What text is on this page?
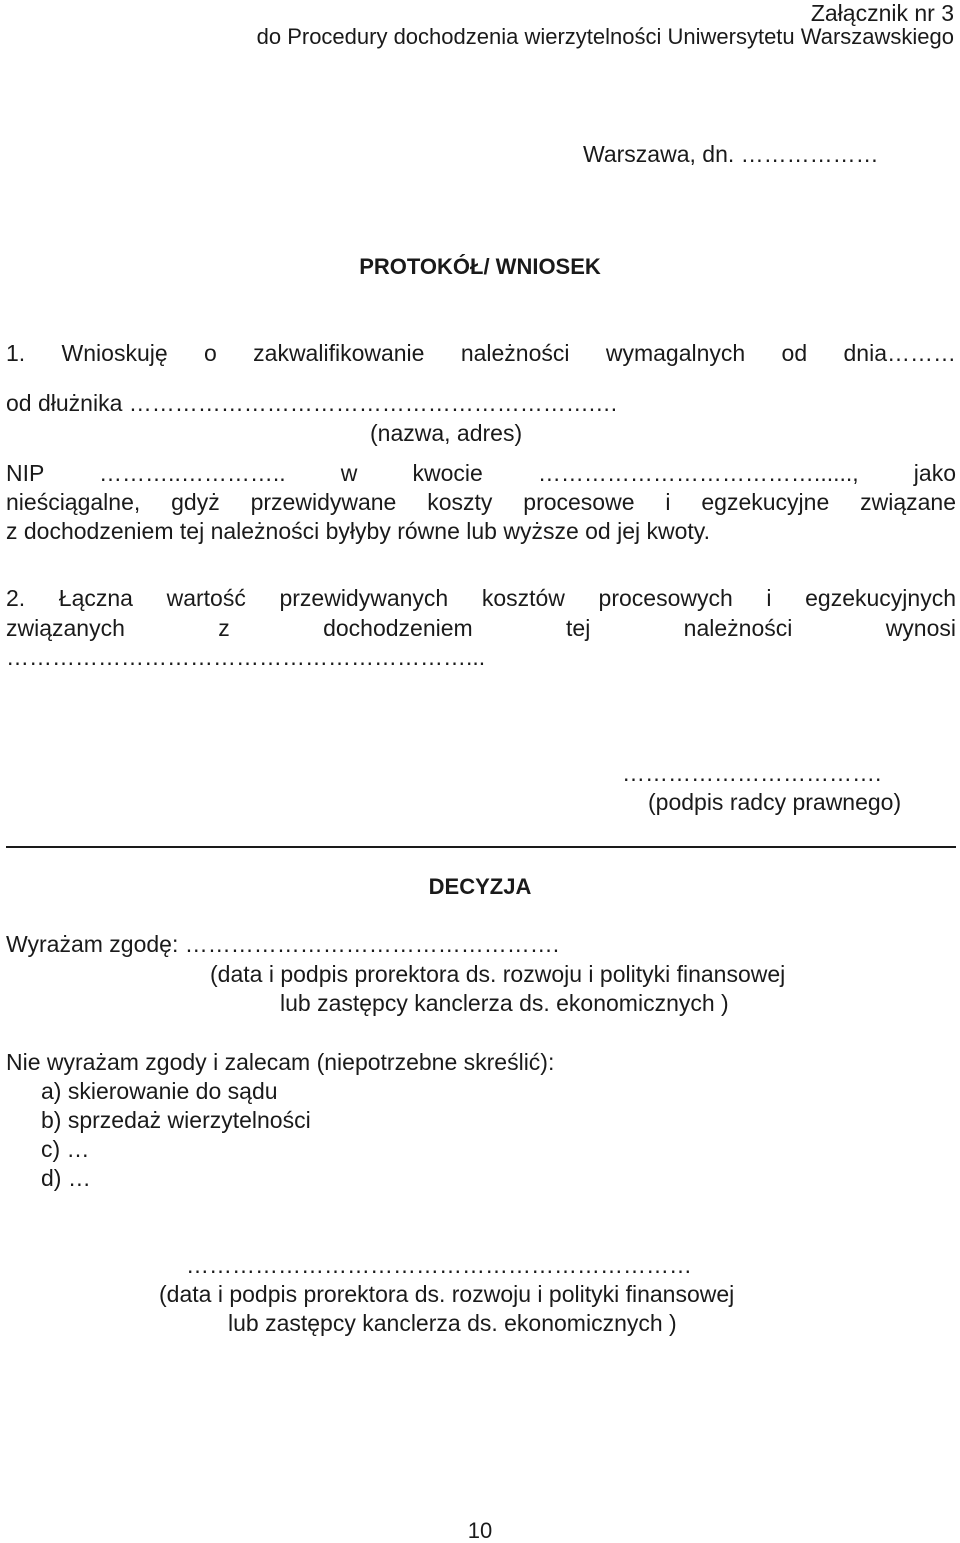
Załącznik nr 3
do Procedury dochodzenia wierzytelności Uniwersytetu Warszawskiego
Warszawa, dn. ………………
PROTOKÓŁ/ WNIOSEK
1. Wnioskuję o zakwalifikowanie należności wymagalnych od dnia………
od dłużnika …………………………………………………….…
(nazwa, adres)
NIP ………..………….. w kwocie ………………………………......, jako
nieściągalne, gdyż przewidywane koszty procesowe i egzekucyjne związane
z dochodzeniem tej należności byłyby równe lub wyższe od jej kwoty.
2. Łączna wartość przewidywanych kosztów procesowych i egzekucyjnych
związanych z dochodzeniem tej należności wynosi
……………………………………………………...
…………………………….
(podpis radcy prawnego)
DECYZJA
Wyrażam zgodę: ………………………………………….
(data i podpis prorektora ds. rozwoju i polityki finansowej
lub zastępcy kanclerza ds. ekonomicznych )
Nie wyrażam zgody i zalecam (niepotrzebne skreślić):
a) skierowanie do sądu
b) sprzedaż wierzytelności
c) …
d) …
…………………………………………………………
(data i podpis prorektora ds. rozwoju i polityki finansowej
lub zastępcy kanclerza ds. ekonomicznych )
10
